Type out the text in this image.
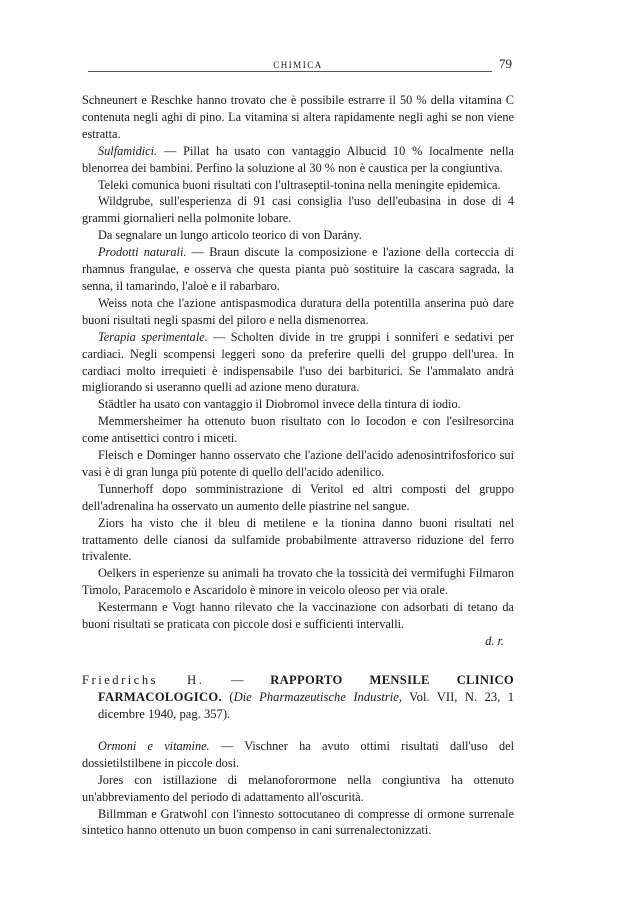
CHIMICA	79

Schneunert e Reschke hanno trovato che è possibile estrarre il 50 % della vitamina C contenuta negli aghi di pino. La vitamina si altera rapidamente negli aghi se non viene estratta.

Sulfamidici. — Pillat ha usato con vantaggio Albucid 10 % localmente nella blenorrea dei bambini. Perfino la soluzione al 30 % non è caustica per la congiuntiva.

Teleki comunica buoni risultati con l'ultraseptil-tonina nella meningite epidemica.

Wildgrube, sull'esperienza di 91 casi consiglia l'uso dell'eubasina in dose di 4 grammi giornalieri nella polmonite lobare.

Da segnalare un lungo articolo teorico di von Darány.

Prodotti naturali. — Braun discute la composizione e l'azione della corteccia di rhamnus frangulae, e osserva che questa pianta può sostituire la cascara sagrada, la senna, il tamarindo, l'aloè e il rabarbaro.

Weiss nota che l'azione antispasmodica duratura della potentilla anserina può dare buoni risultati negli spasmi del piloro e nella dismenorrea.

Terapia sperimentale. — Scholten divide in tre gruppi i sonniferi e sedativi per cardiaci. Negli scompensi leggeri sono da preferire quelli del gruppo dell'urea. In cardiaci molto irrequieti è indispensabile l'uso dei barbiturici. Se l'ammalato andrà migliorando si useranno quelli ad azione meno duratura.

Städtler ha usato con vantaggio il Diobromol invece della tintura di iodio.

Memmersheimer ha ottenuto buon risultato con lo Iocodon e con l'esilresorcina come antisettici contro i miceti.

Fleisch e Dominger hanno osservato che l'azione dell'acido adenosintrifosforico sui vasi è di gran lunga più potente di quello dell'acido adenilico.

Tunnerhoff dopo somministrazione di Veritol ed altri composti del gruppo dell'adrenalina ha osservato un aumento delle piastrine nel sangue.

Ziors ha visto che il bleu di metilene e la tionina danno buoni risultati nel trattamento delle cianosi da sulfamide probabilmente attraverso riduzione del ferro trivalente.

Oelkers in esperienze su animali ha trovato che la tossicità dei vermifughi Filmaron Timolo, Paracemolo e Ascaridolo è minore in veicolo oleoso per via orale.

Kestermann e Vogt hanno rilevato che la vaccinazione con adsorbati di tetano da buoni risultati se praticata con piccole dosi e sufficienti intervalli.

d. r.
Friedrichs H. — RAPPORTO MENSILE CLINICO FARMACOLOGICO. (Die Pharmazeutische Industrie, Vol. VII, N. 23, 1 dicembre 1940, pag. 357).

Ormoni e vitamine. — Vischner ha avuto ottimi risultati dall'uso del dossietilstilbene in piccole dosi.

Jores con istillazione di melanoforormone nella congiuntiva ha ottenuto un'abbreviamento del periodo di adattamento all'oscurità.

Billmman e Gratwohl con l'innesto sottocutaneo di compresse di ormone surrenale sintetico hanno ottenuto un buon compenso in cani surrenalectonizzati.
